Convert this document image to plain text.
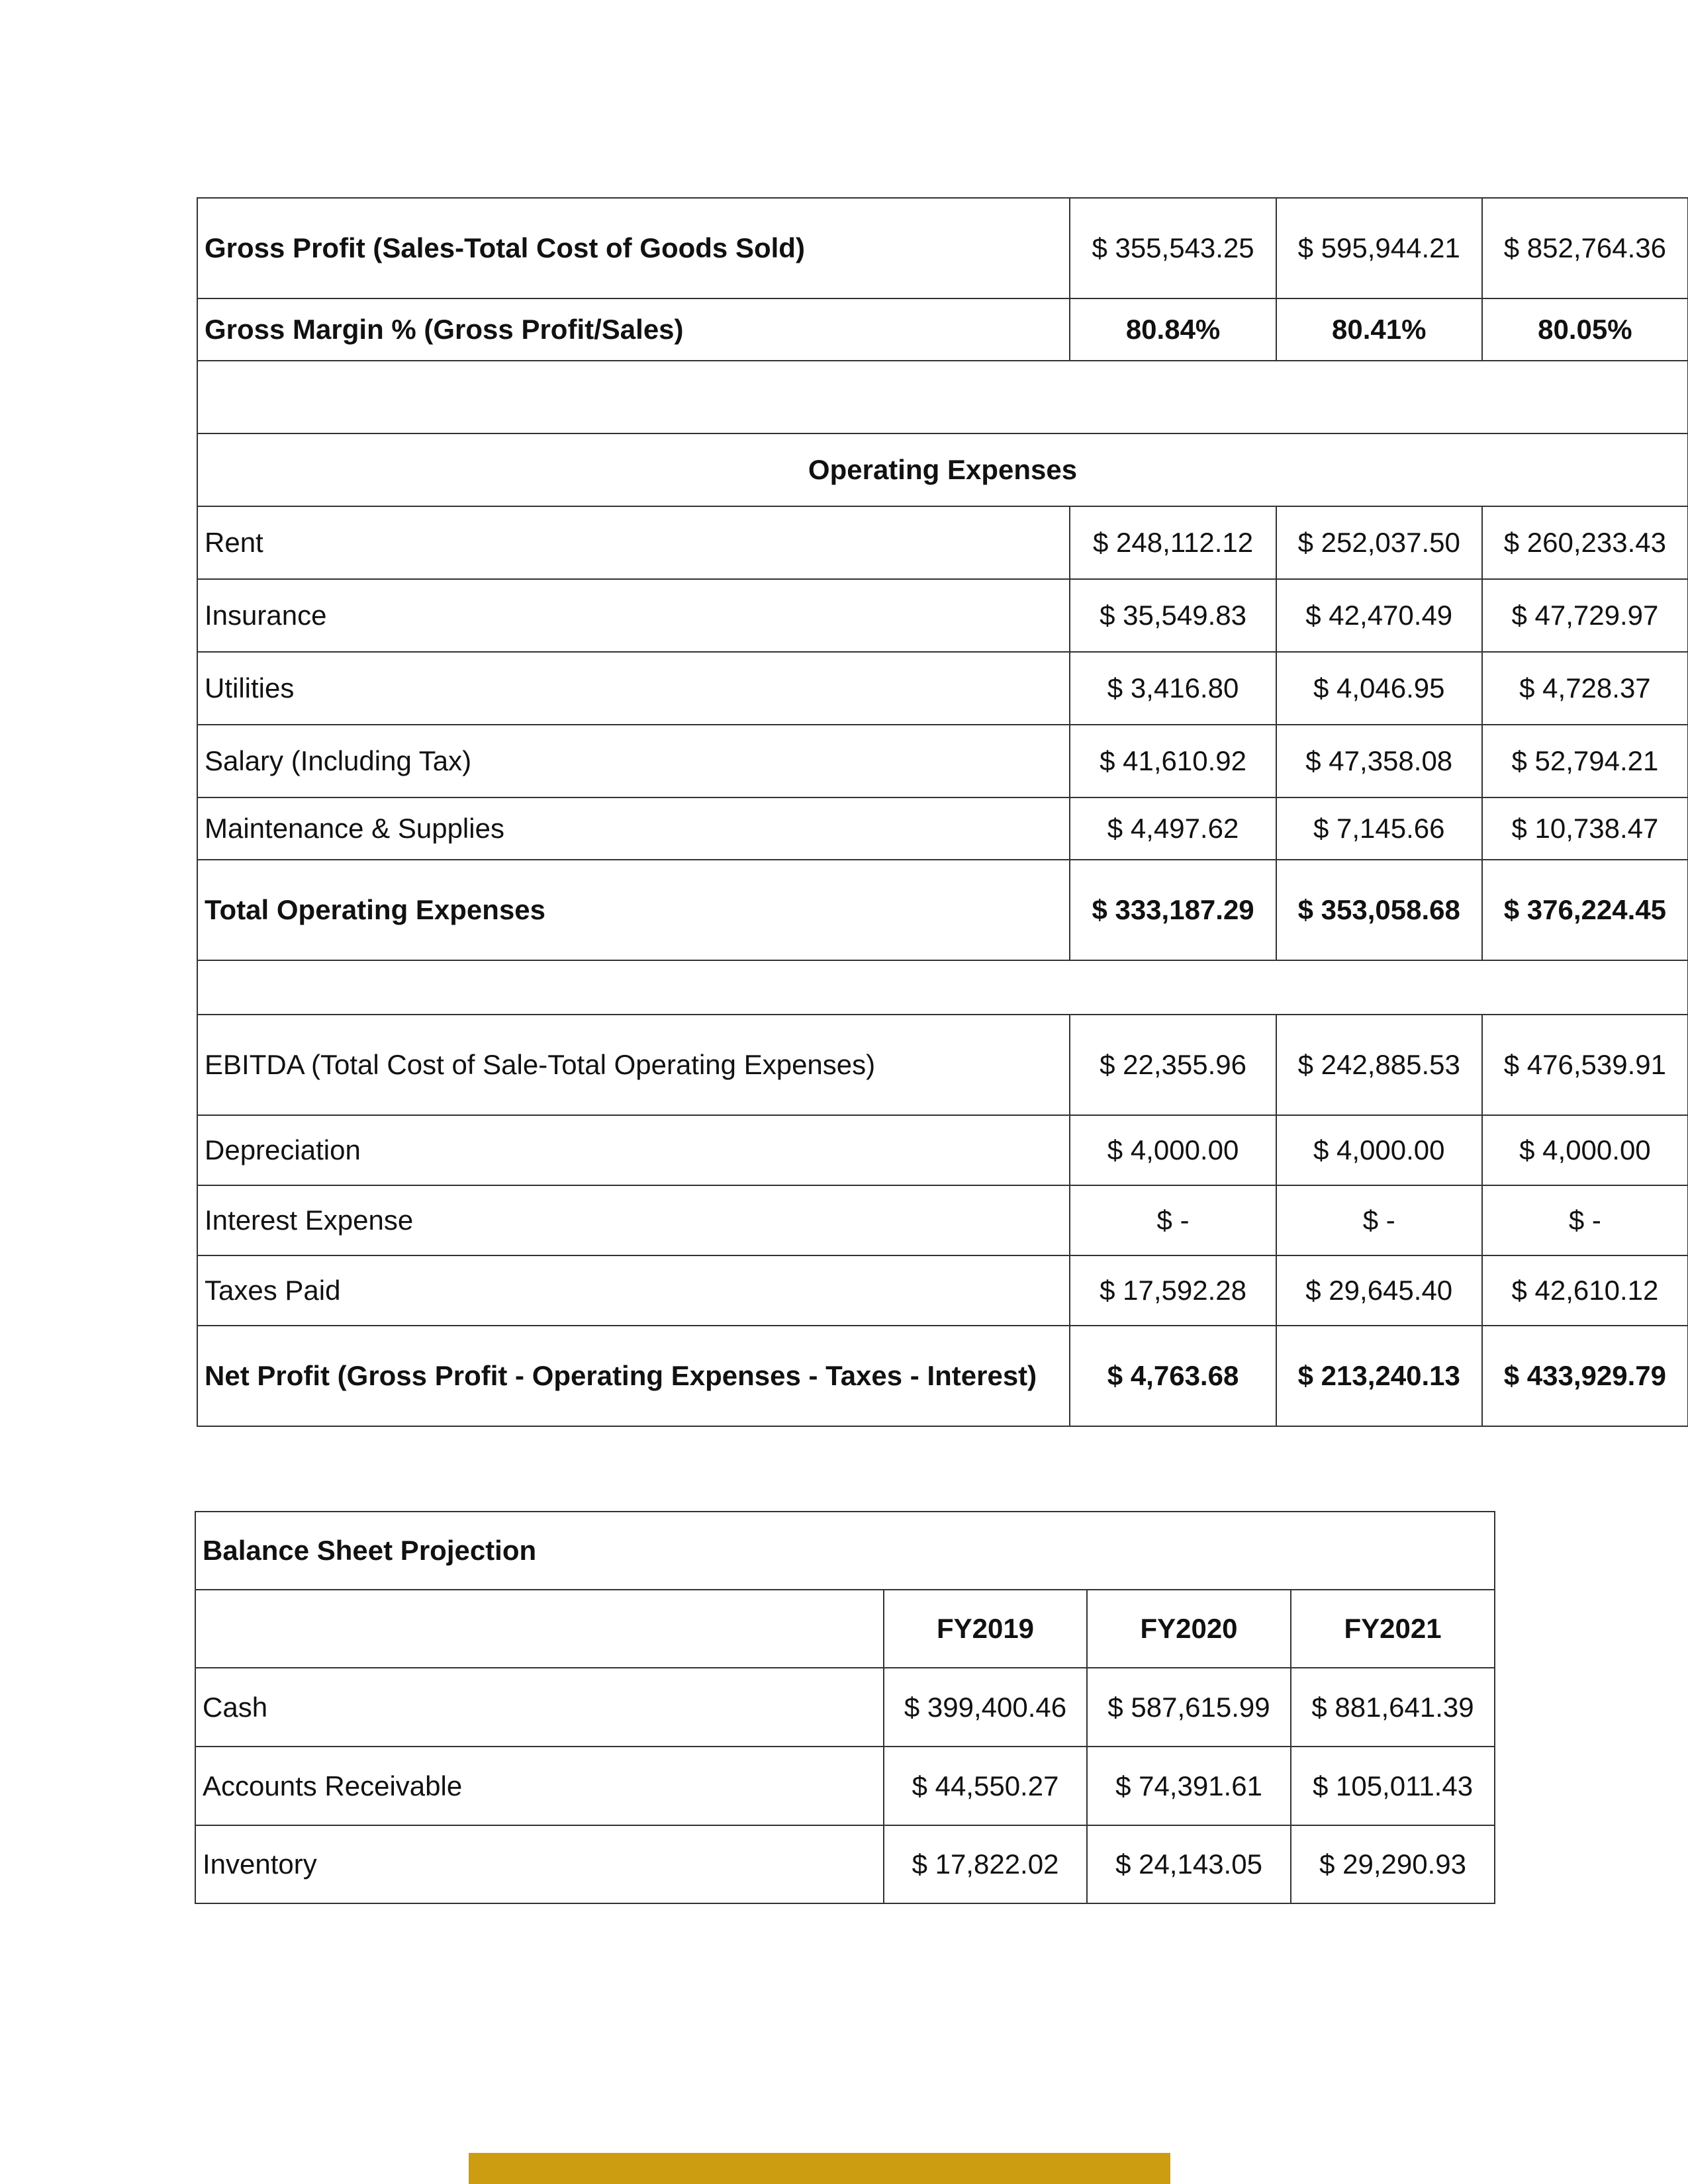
Gross Profit (Sales-Total Cost of Goods Sold)	$ 355,543.25	$ 595,944.21	$ 852,764.36
Gross Margin % (Gross Profit/Sales)	80.84%	80.41%	80.05%

Operating Expenses			
Rent	$ 248,112.12	$ 252,037.50	$ 260,233.43
Insurance	$ 35,549.83	$ 42,470.49	$ 47,729.97
Utilities	$ 3,416.80	$ 4,046.95	$ 4,728.37
Salary (Including Tax)	$ 41,610.92	$ 47,358.08	$ 52,794.21
Maintenance & Supplies	$ 4,497.62	$ 7,145.66	$ 10,738.47
Total Operating Expenses	$ 333,187.29	$ 353,058.68	$ 376,224.45

EBITDA (Total Cost of Sale-Total Operating Expenses)	$ 22,355.96	$ 242,885.53	$ 476,539.91
Depreciation	$ 4,000.00	$ 4,000.00	$ 4,000.00
Interest Expense	$ -	$ -	$ -
Taxes Paid	$ 17,592.28	$ 29,645.40	$ 42,610.12
Net Profit (Gross Profit - Operating Expenses - Taxes - Interest)	$ 4,763.68	$ 213,240.13	$ 433,929.79
Balance Sheet Projection			
	FY2019	FY2020	FY2021
Cash	$ 399,400.46	$ 587,615.99	$ 881,641.39
Accounts Receivable	$ 44,550.27	$ 74,391.61	$ 105,011.43
Inventory	$ 17,822.02	$ 24,143.05	$ 29,290.93
